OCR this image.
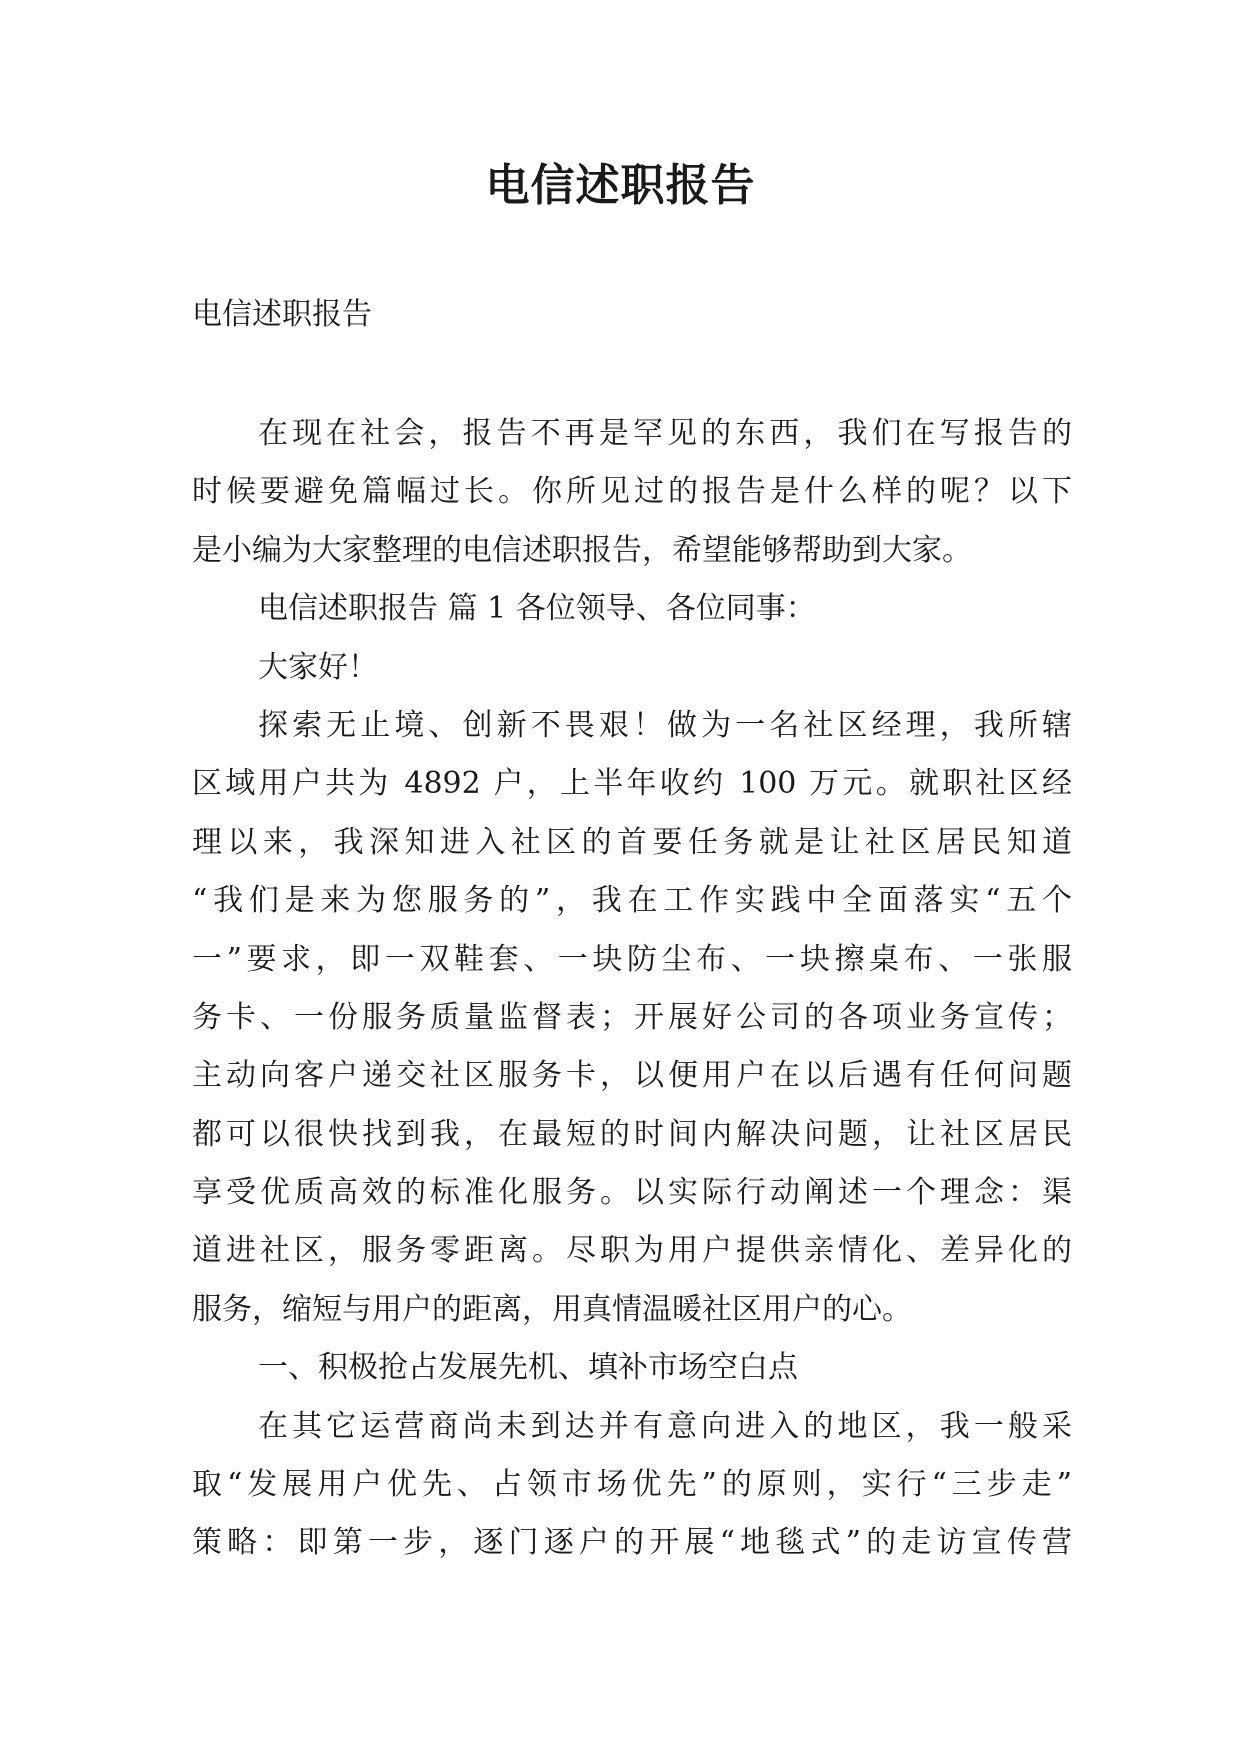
电信述职报告
电信述职报告
在现在社会，报告不再是罕见的东西，我们在写报告的
时候要避免篇幅过长。你所见过的报告是什么样的呢？以下
是小编为大家整理的电信述职报告，希望能够帮助到大家。
电信述职报告 篇 1 各位领导、各位同事：
大家好！
探索无止境、创新不畏艰！做为一名社区经理，我所辖
区域用户共为 4892 户，上半年收约 100 万元。就职社区经
理以来，我深知进入社区的首要任务就是让社区居民知道
“我们是来为您服务的”，我在工作实践中全面落实“五个
一”要求，即一双鞋套、一块防尘布、一块擦桌布、一张服
务卡、一份服务质量监督表；开展好公司的各项业务宣传；
主动向客户递交社区服务卡，以便用户在以后遇有任何问题
都可以很快找到我，在最短的时间内解决问题，让社区居民
享受优质高效的标准化服务。以实际行动阐述一个理念：渠
道进社区，服务零距离。尽职为用户提供亲情化、差异化的
服务，缩短与用户的距离，用真情温暖社区用户的心。
一、积极抢占发展先机、填补市场空白点
在其它运营商尚未到达并有意向进入的地区，我一般采
取“发展用户优先、占领市场优先”的原则，实行“三步走”
策略：即第一步，逐门逐户的开展“地毯式”的走访宣传营
